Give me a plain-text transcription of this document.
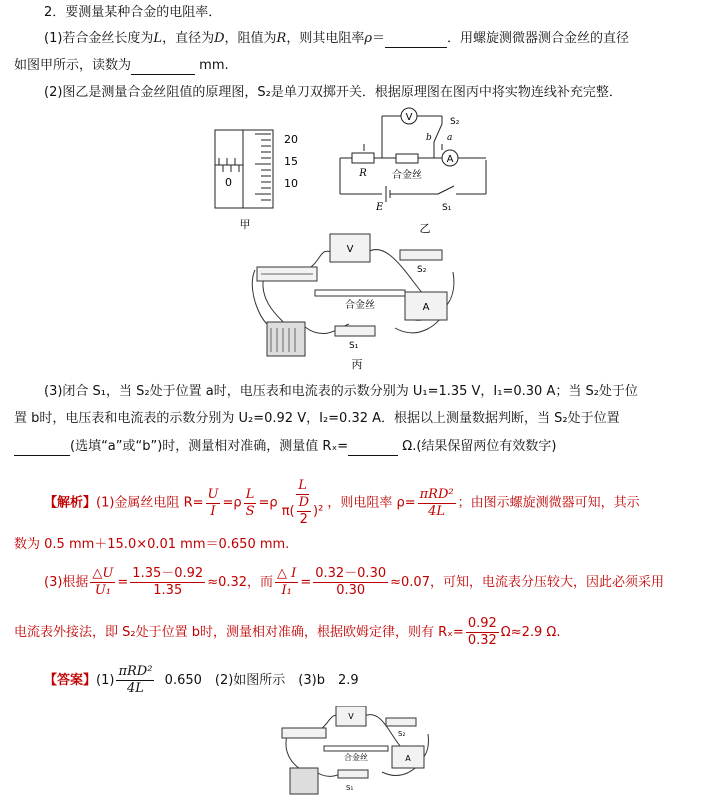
2．要测量某种合金的电阻率．
(1)若合金丝长度为L，直径为D，阻值为R，则其电阻率ρ＝	．用螺旋测微器测合金丝的直径
如图甲所示，读数为	mm.
(2)图乙是测量合金丝阻值的原理图，S₂是单刀双掷开关．根据原理图在图丙中将实物连线补充完整．
20
15
10
0
甲
V
A
R	合金丝
S₂
b a
E	S₁
乙
V
A
合金丝
S₂
S₁
丙
(3)闭合 S₁，当 S₂处于位置 a时，电压表和电流表的示数分别为 U₁=1.35 V，I₁=0.30 A；当 S₂处于位
置 b时，电压表和电流表的示数分别为 U₂=0.92 V，I₂=0.32 A．根据以上测量数据判断，当 S₂处于位置
(选填“a”或“b”)时，测量相对准确，测量值 Rₓ=	Ω.(结果保留两位有效数字)
【解析】(1)金属丝电阻 $R= \frac{U}{I} =\rho \frac{L}{S} =\rho \frac{L}{\pi( \frac{D}{2} )^2}$ ，则电阻率 $\rho= \frac{\text{πRD²}}{4L}$ ；由图示螺旋测微器可知，其示
数为 0.5 mm＋15.0×0.01 mm＝0.650 mm.
(3)根据 $\frac{\triangle U}{\text{U₁}} = \frac{1.35-0.92}{1.35} \approx 0.32$，而 $\frac{\triangle I}{\text{I₁}} = \frac{0.32-0.30}{0.30} \approx 0.07$，可知，电流表分压较大，因此必须采用
电流表外接法，即 S₂处于位置 b时，测量相对准确，根据欧姆定律，则有 $R_x= \frac{0.92}{0.32} \Omega\approx 2.9$ Ω.
【答案】$(1) \frac{\text{πRD²}}{4L} 0.650$　(2)如图所示　(3)b　2.9
V
A
合金丝
S₂
S₁
